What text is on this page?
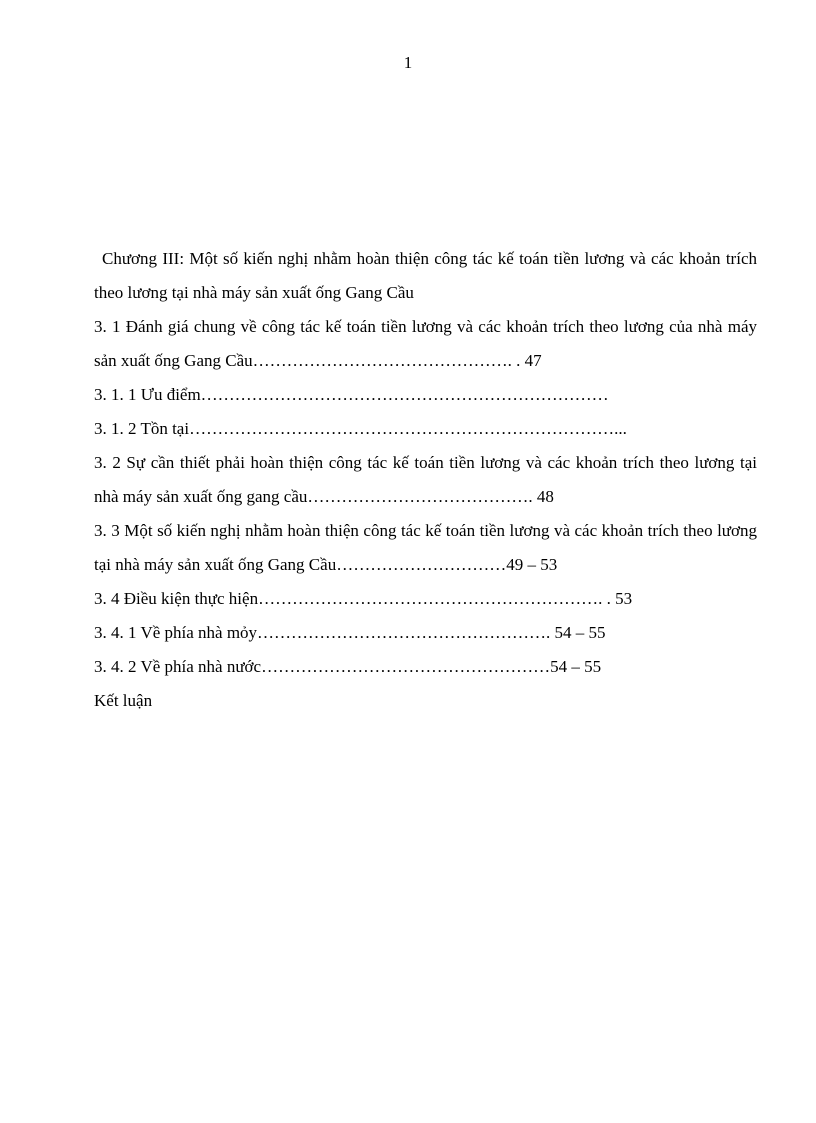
1

Chương III: Một số kiến nghị nhằm hoàn thiện công tác kế toán tiền lương và các khoản trích theo lương tại nhà máy sản xuất ống Gang Cầu

3. 1 Đánh giá chung về công tác kế toán tiền lương và các khoản trích theo lương của nhà máy sản xuất ống Gang Cầu………………………………………. . 47

3. 1. 1 Ưu điểm………………………………………………………………

3. 1. 2 Tồn tại…………………………………………………………………...

3. 2 Sự cần thiết phải hoàn thiện công tác kế toán tiền lương và các khoản trích theo lương tại nhà máy sản xuất ống gang cầu…………………………………. 48

3. 3 Một số kiến nghị nhằm hoàn thiện công tác kế toán tiền lương và các khoản trích theo lương tại nhà máy sản xuất ống Gang Cầu…………………………49 – 53

3. 4 Điều kiện thực hiện……………………………………………………. . 53

3. 4. 1 Về phía nhà mỏy……………………………………………. 54 – 55

3. 4. 2 Về phía nhà nước……………………………………………54 – 55

Kết luận
